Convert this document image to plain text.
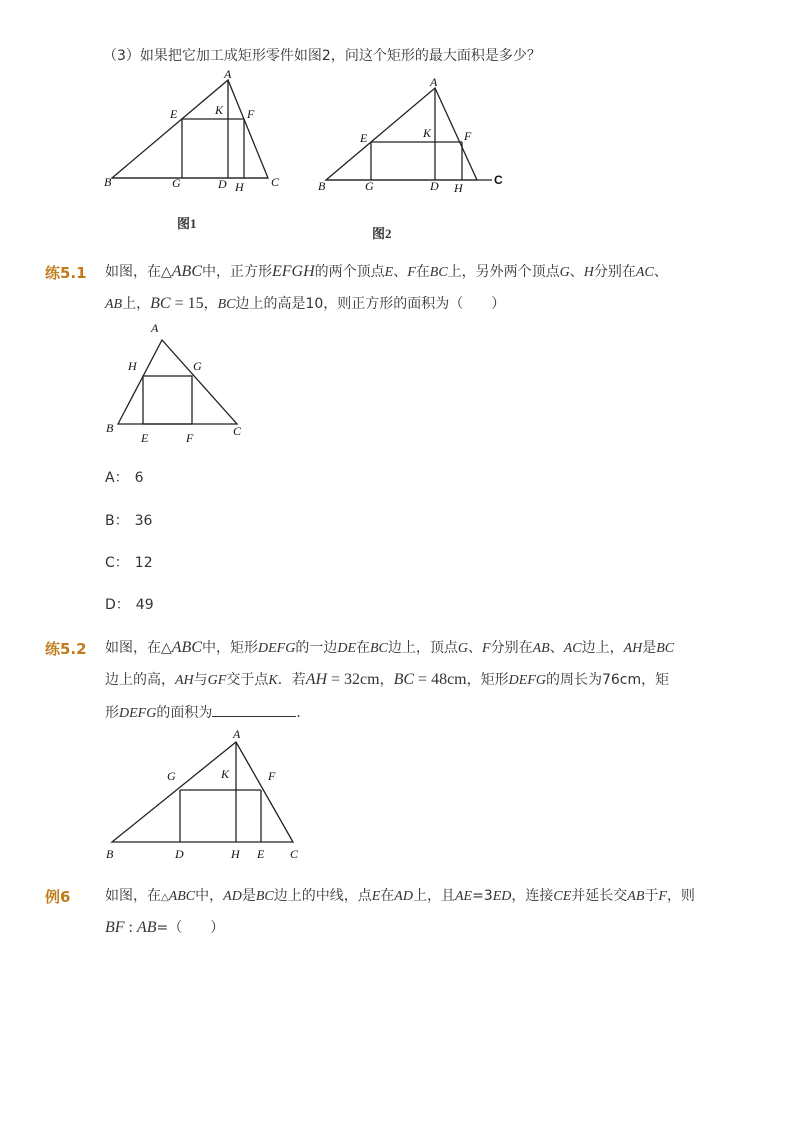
（3）如果把它加工成矩形零件如图2，问这个矩形的最大面积是多少？
A
E	K F
B	G	D H C
图1
A
E	K	F
B	G	D H
C
图2
练5.1 如图，在△ABC中，正方形EFGH的两个顶点E、F在BC上，另外两个顶点G、H分别在AC、
AB上，BC = 15，BC边上的高是10，则正方形的面积为（　　）
A
H	G
B
E	F	C
A： 6
B： 36
C： 12
D： 49
练5.2 如图，在△ABC中，矩形DEFG的一边DE在BC边上，顶点G、F分别在AB、AC边上，AH是BC
边上的高，AH与GF交于点K．若AH = 32cm，BC = 48cm，矩形DEFG的周长为76cm，矩
形DEFG的面积为	．
A
G	K	F
B	D	H E C
例6 如图，在△ABC中，AD是BC边上的中线，点E在AD上，且AE=3ED，连接CE并延长交AB于F，则
BF : AB=（　　）
